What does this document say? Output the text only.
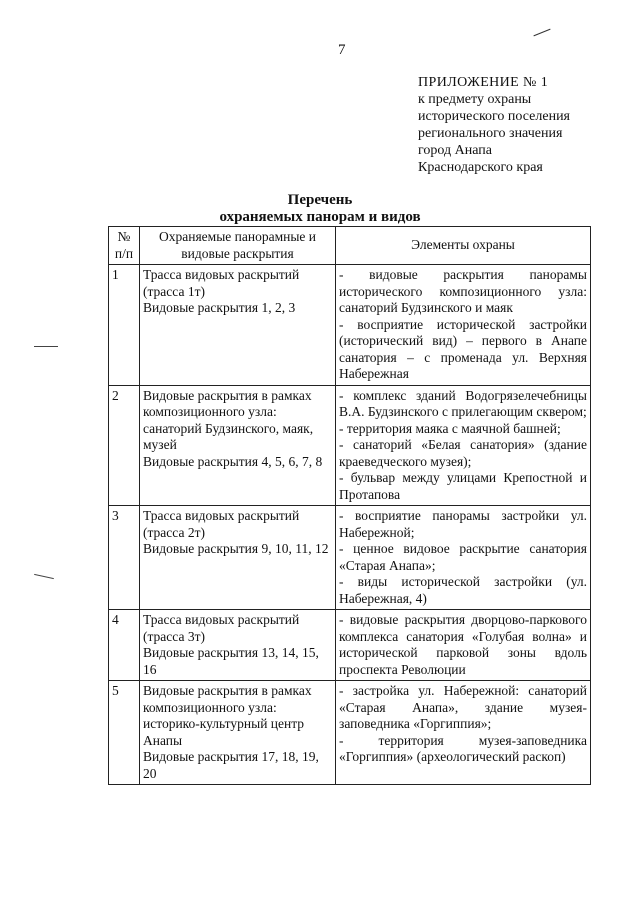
7
ПРИЛОЖЕНИЕ № 1
к предмету охраны
исторического поселения
регионального значения
город Анапа
Краснодарского края
Перечень
охраняемых панорам и видов
№
п/п	Охраняемые панорамные и видовые раскрытия	Элементы охраны
1	Трасса видовых раскрытий (трасса 1т)
Видовые раскрытия 1, 2, 3	- видовые раскрытия панорамы исторического композиционного узла: санаторий Будзинского и маяк
- восприятие исторической застройки (исторический вид) – первого в Анапе санатория – с променада ул. Верхняя Набережная

2	Видовые раскрытия в рамках композиционного узла: санаторий Будзинского, маяк, музей
Видовые раскрытия 4, 5, 6, 7, 8	- комплекс зданий Водогрязелечебницы В.А. Будзинского с прилегающим сквером;
- территория маяка с маячной башней;
- санаторий «Белая санатория» (здание краеведческого музея);
- бульвар между улицами Крепостной и Протапова

3	Трасса видовых раскрытий (трасса 2т)
Видовые раскрытия 9, 10, 11, 12	- восприятие панорамы застройки ул. Набережной;
- ценное видовое раскрытие санатория «Старая Анапа»;
- виды исторической застройки (ул. Набережная, 4)

4	Трасса видовых раскрытий (трасса 3т)
Видовые раскрытия 13, 14, 15, 16	- видовые раскрытия дворцово-паркового комплекса санатория «Голубая волна» и исторической парковой зоны вдоль проспекта Революции

5	Видовые раскрытия в рамках композиционного узла: историко-культурный центр Анапы
Видовые раскрытия 17, 18, 19, 20	- застройка ул. Набережной: санаторий «Старая Анапа», здание музея-заповедника «Горгиппия»;
- территория музея-заповедника «Горгиппия» (археологический раскоп)
